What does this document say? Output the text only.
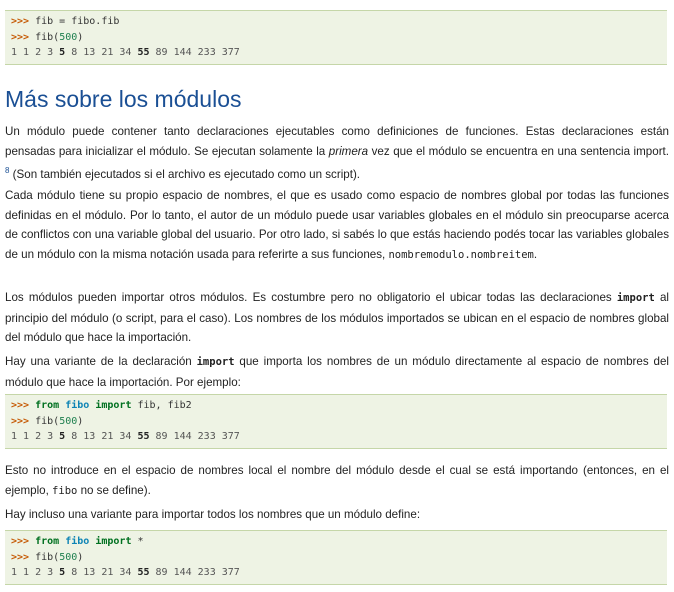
>>> fib = fibo.fib
>>> fib(500)
1 1 2 3 5 8 13 21 34 55 89 144 233 377
Más sobre los módulos

Un módulo puede contener tanto declaraciones ejecutables como definiciones de funciones. Estas declaraciones están pensadas para inicializar el módulo. Se ejecutan solamente la primera vez que el módulo se encuentra en una sentencia import. $^8$ (Son también ejecutados si el archivo es ejecutado como un script).

Cada módulo tiene su propio espacio de nombres, el que es usado como espacio de nombres global por todas las funciones definidas en el módulo. Por lo tanto, el autor de un módulo puede usar variables globales en el módulo sin preocuparse acerca de conflictos con una variable global del usuario. Por otro lado, si sabés lo que estás haciendo podés tocar las variables globales de un módulo con la misma notación usada para referirte a sus funciones, nombremodulo.nombreitem.

Los módulos pueden importar otros módulos. Es costumbre pero no obligatorio el ubicar todas las declaraciones import al principio del módulo (o script, para el caso). Los nombres de los módulos importados se ubican en el espacio de nombres global del módulo que hace la importación.

Hay una variante de la declaración import que importa los nombres de un módulo directamente al espacio de nombres del módulo que hace la importación. Por ejemplo:

>>> from fibo import fib, fib2
>>> fib(500)
1 1 2 3 5 8 13 21 34 55 89 144 233 377

Esto no introduce en el espacio de nombres local el nombre del módulo desde el cual se está importando (entonces, en el ejemplo, fibo no se define).

Hay incluso una variante para importar todos los nombres que un módulo define:

>>> from fibo import *
>>> fib(500)
1 1 2 3 5 8 13 21 34 55 89 144 233 377
